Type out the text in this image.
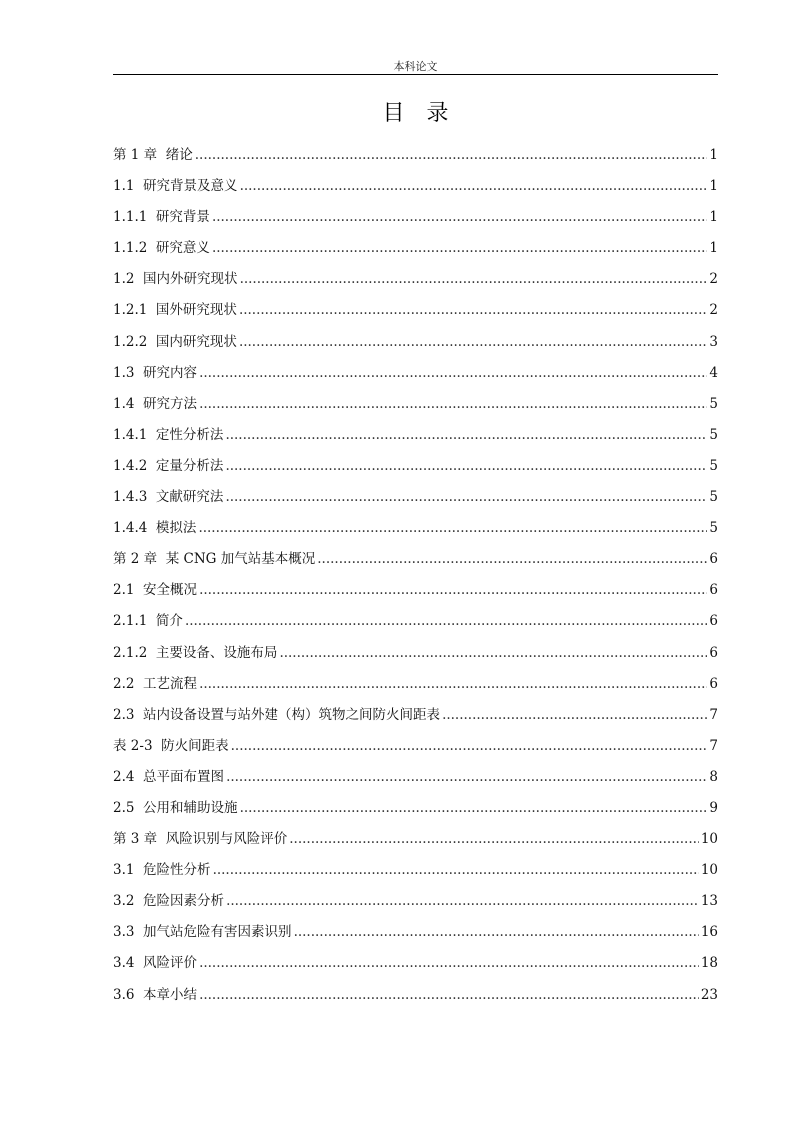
本科论文
目录
第 1 章  绪论 .....	1
1.1  研究背景及意义 .....	1
1.1.1  研究背景 .....	1
1.1.2  研究意义 .....	1
1.2  国内外研究现状 .....	2
1.2.1  国外研究现状 .....	2
1.2.2  国内研究现状 .....	3
1.3  研究内容 .....	4
1.4  研究方法 .....	5
1.4.1  定性分析法 .....	5
1.4.2  定量分析法 .....	5
1.4.3  文献研究法 .....	5
1.4.4  模拟法 .....	5
第 2 章  某 CNG 加气站基本概况 .....	6
2.1  安全概况 .....	6
2.1.1  简介 .....	6
2.1.2  主要设备、设施布局 .....	6
2.2  工艺流程 .....	6
2.3  站内设备设置与站外建（构）筑物之间防火间距表 .....	7
表 2-3  防火间距表 .....	7
2.4  总平面布置图 .....	8
2.5  公用和辅助设施 .....	9
第 3 章  风险识别与风险评价 .....	10
3.1  危险性分析 .....	10
3.2  危险因素分析 .....	13
3.3  加气站危险有害因素识别 .....	16
3.4  风险评价 .....	18
3.6  本章小结 .....	23
